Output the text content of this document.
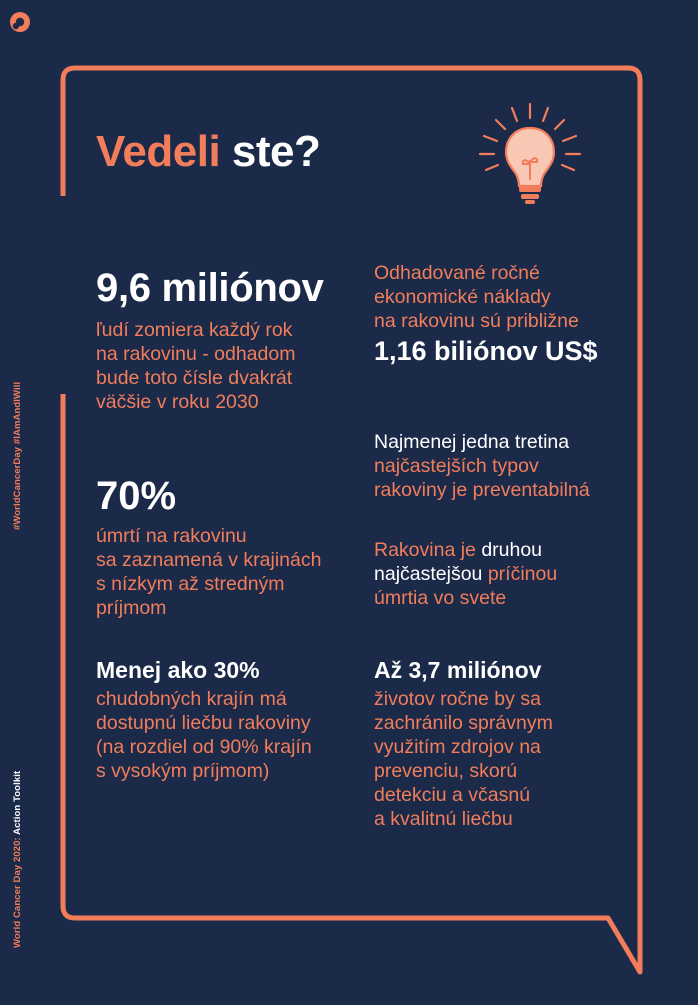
#WorldCancerDay #IAmAndIWill
World Cancer Day 2020: Action Toolkit
Vedeli ste?
9,6 miliónov
ľudí zomiera každý rok
na rakovinu - odhadom
bude toto čísle dvakrát
väčšie v roku 2030
Odhadované ročné
ekonomické náklady
na rakovinu sú približne
1,16 biliónov US$
Najmenej jedna tretina
najčastejších typov
rakoviny je preventabilná
70%
úmrtí na rakovinu
sa zaznamená v krajinách
s nízkym až stredným
príjmom
Rakovina je druhou
najčastejšou príčinou
úmrtia vo svete
Menej ako 30%
chudobných krajín má
dostupnú liečbu rakoviny
(na rozdiel od 90% krajín
s vysokým príjmom)
Až 3,7 miliónov
životov ročne by sa
zachránilo správnym
využitím zdrojov na
prevenciu, skorú
detekciu a včasnú
a kvalitnú liečbu
